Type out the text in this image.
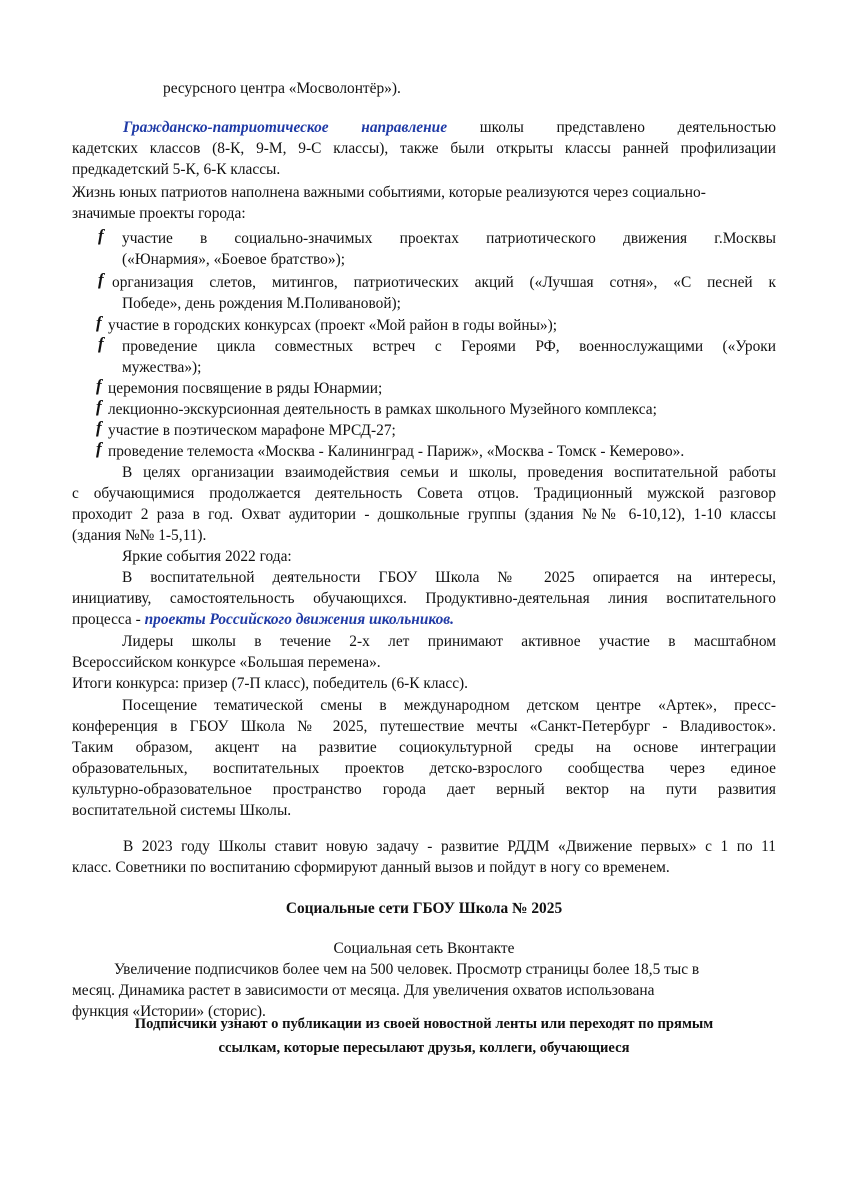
ресурсного центра «Мосволонтёр»).
Гражданско-патриотическое направление школы представлено деятельностью
кадетских классов (8-К, 9-М, 9-С классы), также были открыты классы ранней профилизации
предкадетский 5-К, 6-К классы.
Жизнь юных патриотов наполнена важными событиями, которые реализуются через социально-
значимые проекты города:
f участие в социально-значимых проектах патриотического движения г.Москвы
(«Юнармия», «Боевое братство»);
f организация слетов, митингов, патриотических акций («Лучшая сотня», «С песней к
Победе», день рождения М.Поливановой);
f участие в городских конкурсах (проект «Мой район в годы войны»);
f проведение цикла совместных встреч с Героями РФ, военнослужащими («Уроки
мужества»);
f церемония посвящение в ряды Юнармии;
f лекционно-экскурсионная деятельность в рамках школьного Музейного комплекса;
f участие в поэтическом марафоне МРСД-27;
f проведение телемоста «Москва - Калининград - Париж», «Москва - Томск - Кемерово».
В целях организации взаимодействия семьи и школы, проведения воспитательной работы
с обучающимися продолжается деятельность Совета отцов. Традиционный мужской разговор
проходит 2 раза в год. Охват аудитории - дошкольные группы (здания №№ 6-10,12), 1-10 классы
(здания №№ 1-5,11).
Яркие события 2022 года:
В воспитательной деятельности ГБОУ Школа № 2025 опирается на интересы,
инициативу, самостоятельность обучающихся. Продуктивно-деятельная линия воспитательного
процесса - проекты Российского движения школьников.
Лидеры школы в течение 2-х лет принимают активное участие в масштабном
Всероссийском конкурсе «Большая перемена».
Итоги конкурса: призер (7-П класс), победитель (6-К класс).
Посещение тематической смены в международном детском центре «Артек», пресс-
конференция в ГБОУ Школа № 2025, путешествие мечты «Санкт-Петербург - Владивосток».
Таким образом, акцент на развитие социокультурной среды на основе интеграции
образовательных, воспитательных проектов детско-взрослого сообщества через единое
культурно-образовательное пространство города дает верный вектор на пути развития
воспитательной системы Школы.
В 2023 году Школы ставит новую задачу - развитие РДДМ «Движение первых» с 1 по 11
класс. Советники по воспитанию сформируют данный вызов и пойдут в ногу со временем.
Социальные сети ГБОУ Школа № 2025
Социальная сеть Вконтакте
Увеличение подписчиков более чем на 500 человек. Просмотр страницы более 18,5 тыс в
месяц. Динамика растет в зависимости от месяца. Для увеличения охватов использована
функция «Истории» (сторис).
Подписчики узнают о публикации из своей новостной ленты или переходят по прямым
ссылкам, которые пересылают друзья, коллеги, обучающиеся
